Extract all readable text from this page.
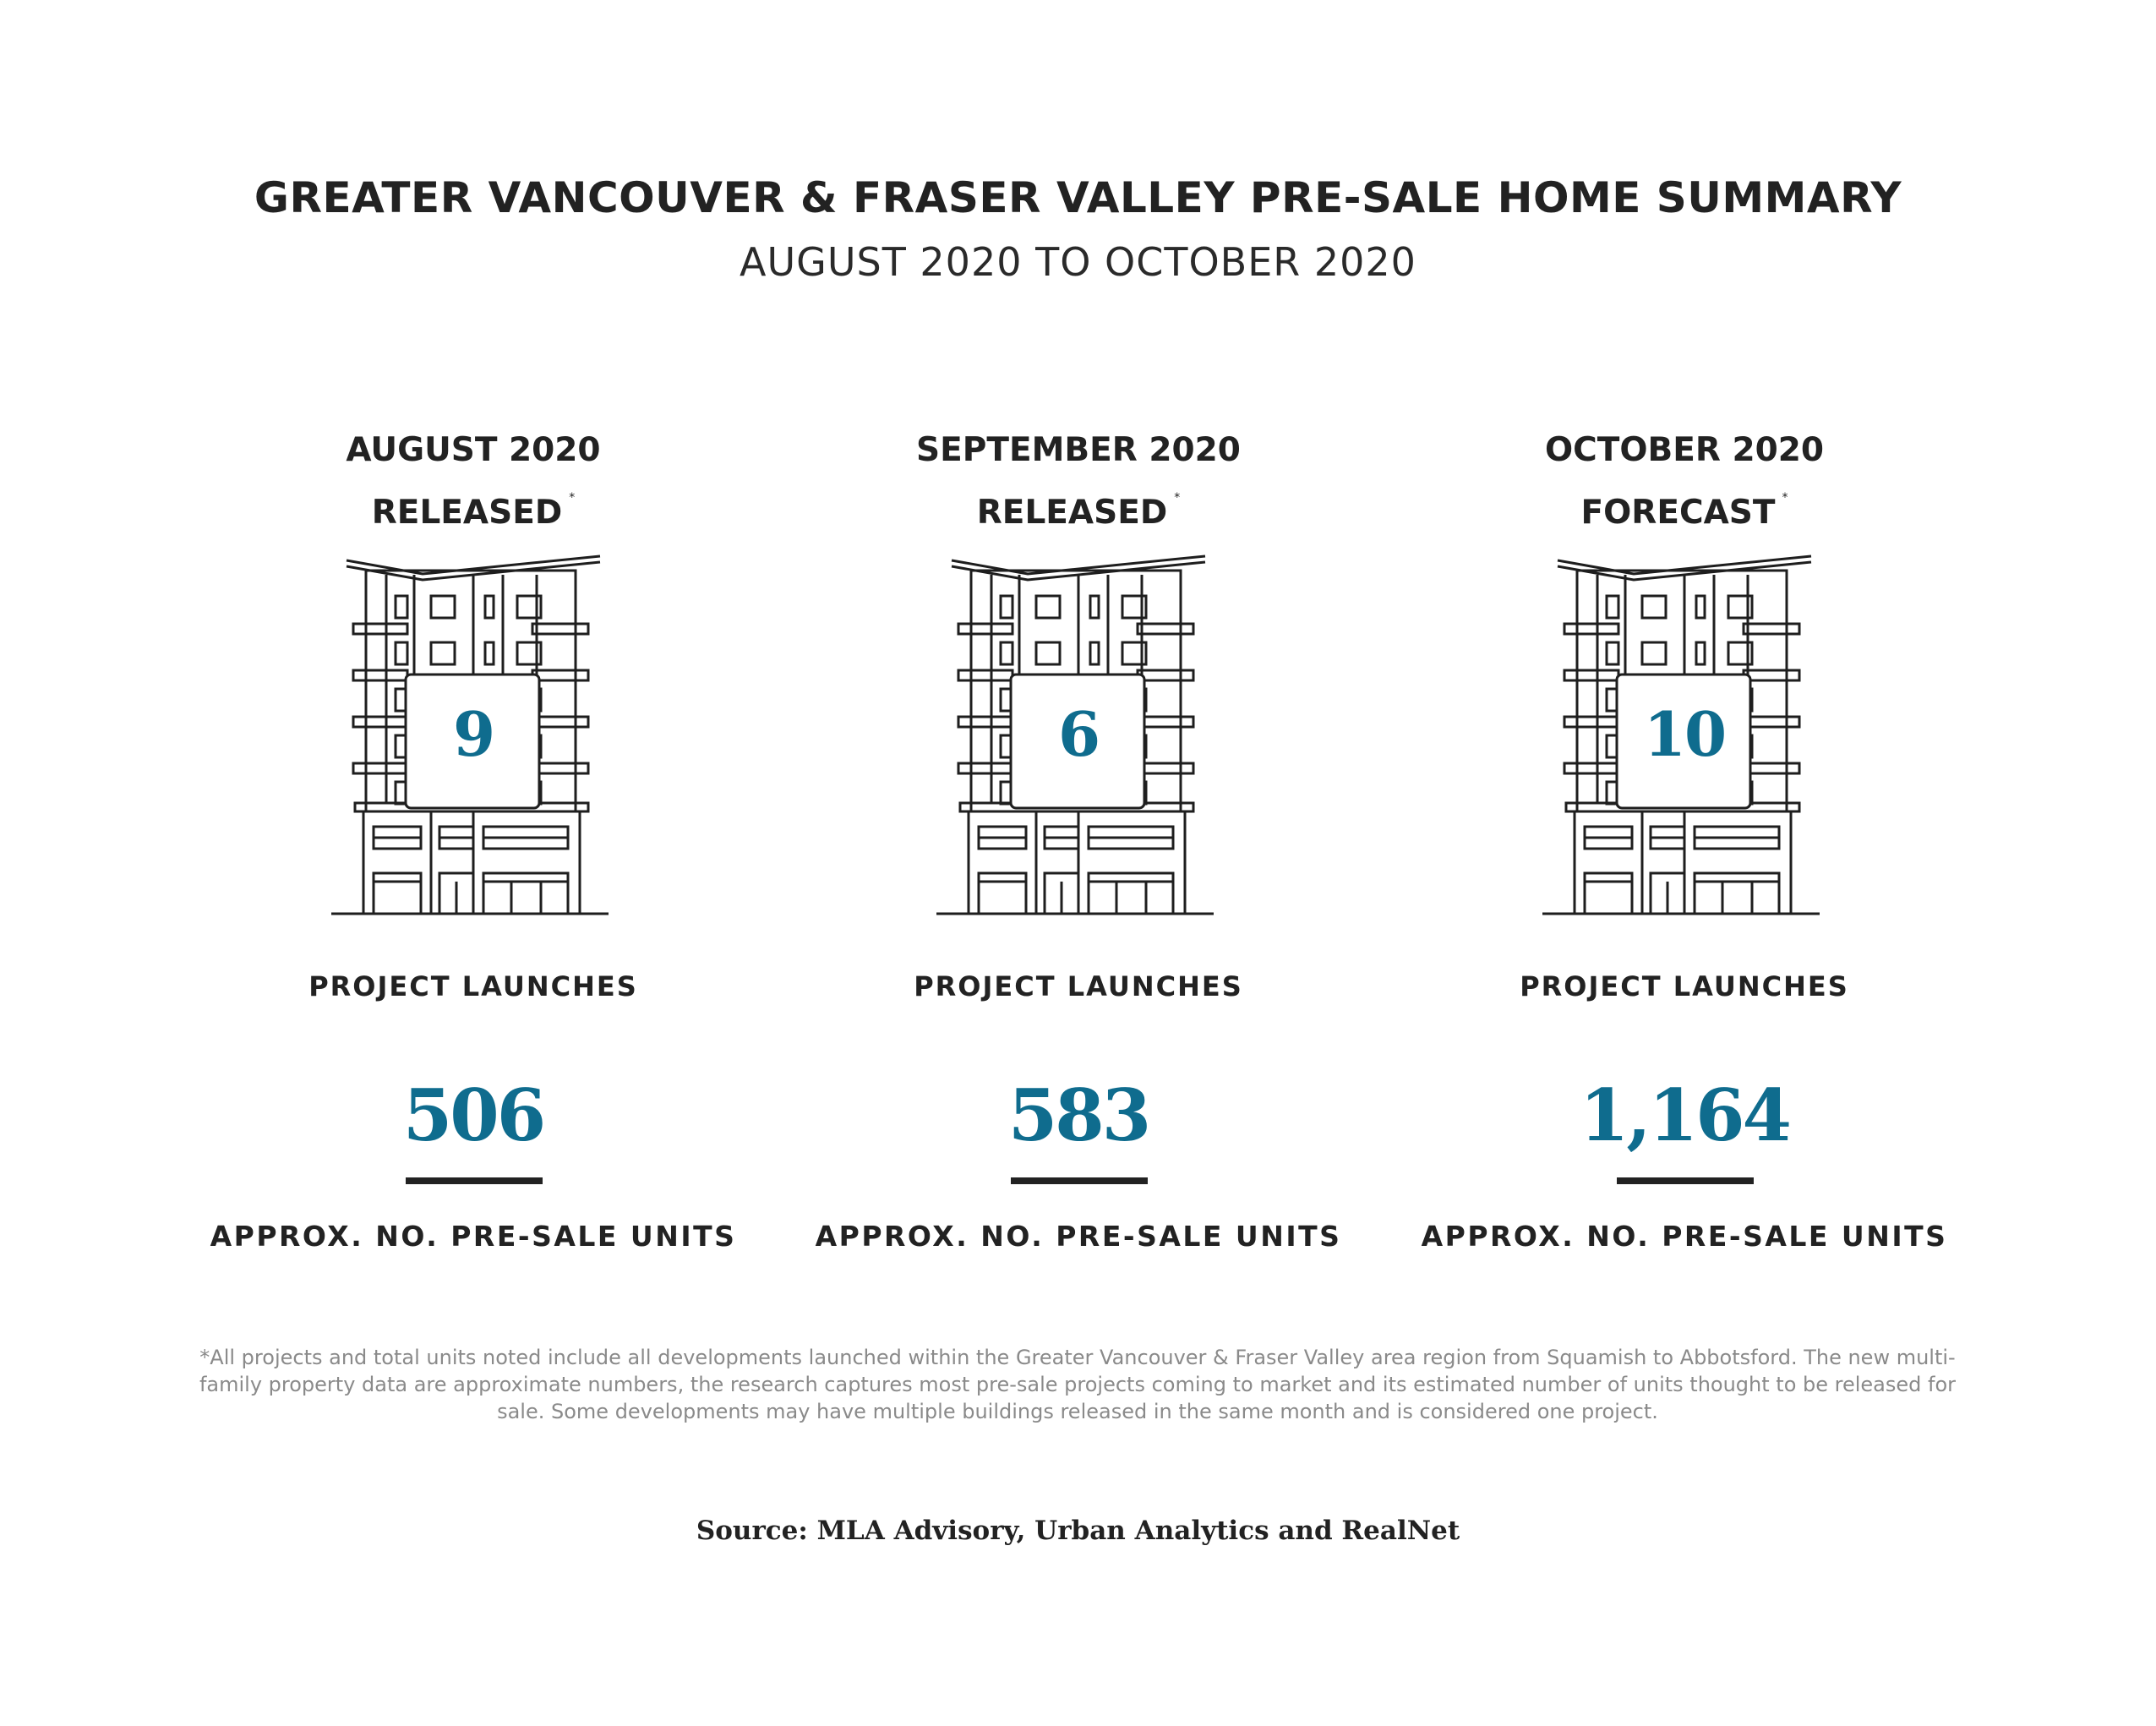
GREATER VANCOUVER & FRASER VALLEY PRE-SALE HOME SUMMARY
AUGUST 2020 TO OCTOBER 2020
AUGUST 2020
RELEASED *
9
PROJECT LAUNCHES
506
APPROX. NO. PRE-SALE UNITS
SEPTEMBER 2020
RELEASED *
6
PROJECT LAUNCHES
583
APPROX. NO. PRE-SALE UNITS
OCTOBER 2020
FORECAST *
10
PROJECT LAUNCHES
1,164
APPROX. NO. PRE-SALE UNITS
*All projects and total units noted include all developments launched within the Greater Vancouver & Fraser Valley area region from Squamish to Abbotsford. The new multi-family property data are approximate numbers, the research captures most pre-sale projects coming to market and its estimated number of units thought to be released for sale. Some developments may have multiple buildings released in the same month and is considered one project.
Source: MLA Advisory, Urban Analytics and RealNet
